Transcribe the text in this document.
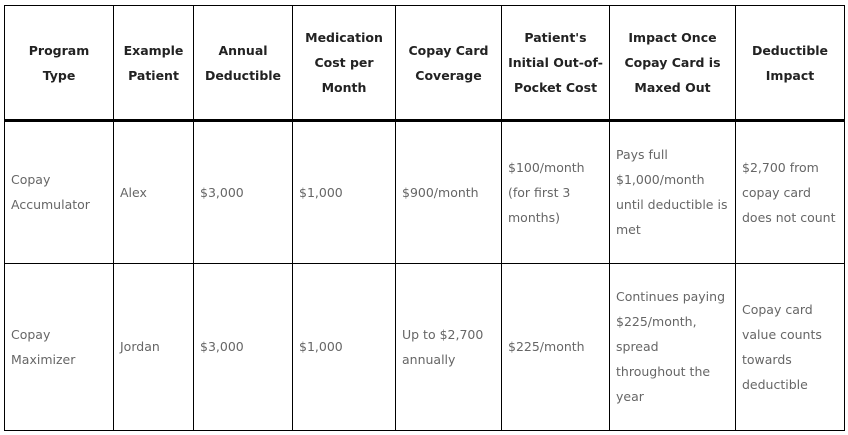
Program Type	Example Patient	Annual Deductible	Medication Cost per Month	Copay Card Coverage	Patient's Initial Out-of-Pocket Cost	Impact Once Copay Card is Maxed Out	Deductible Impact
Copay Accumulator	Alex	$3,000	$1,000	$900/month	$100/month (for first 3 months)	Pays full $1,000/month until deductible is met	$2,700 from copay card does not count
Copay Maximizer	Jordan	$3,000	$1,000	Up to $2,700 annually	$225/month	Continues paying $225/month, spread throughout the year	Copay card value counts towards deductible
